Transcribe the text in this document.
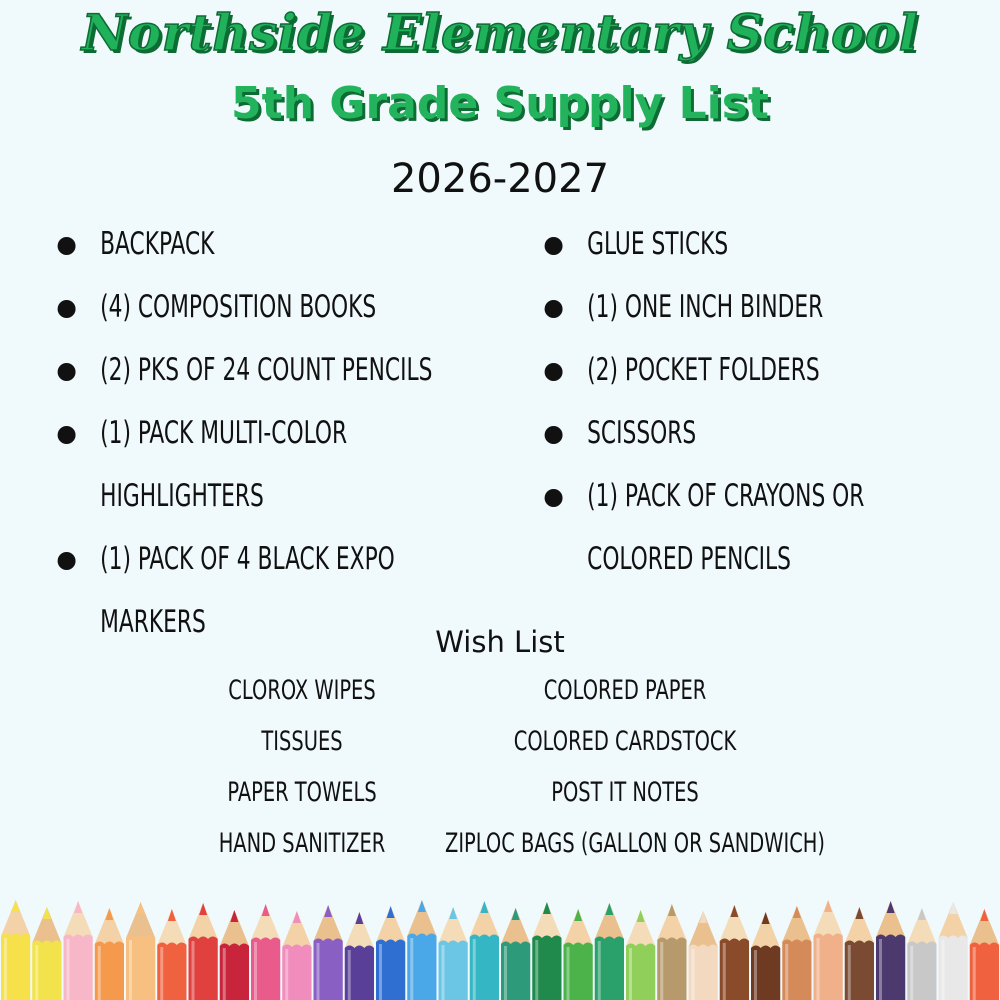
Northside Elementary School
5th Grade Supply List
2026-2027
BACKPACK
(4) COMPOSITION BOOKS
(2) PKS OF 24 COUNT PENCILS
(1) PACK MULTI-COLOR HIGHLIGHTERS
(1) PACK OF 4 BLACK EXPO MARKERS
GLUE STICKS
(1) ONE INCH BINDER
(2) POCKET FOLDERS
SCISSORS
(1) PACK OF CRAYONS OR COLORED PENCILS
Wish List
CLOROX WIPES
TISSUES
PAPER TOWELS
HAND SANITIZER
COLORED PAPER
COLORED CARDSTOCK
POST IT NOTES
ZIPLOC BAGS (GALLON OR SANDWICH)
